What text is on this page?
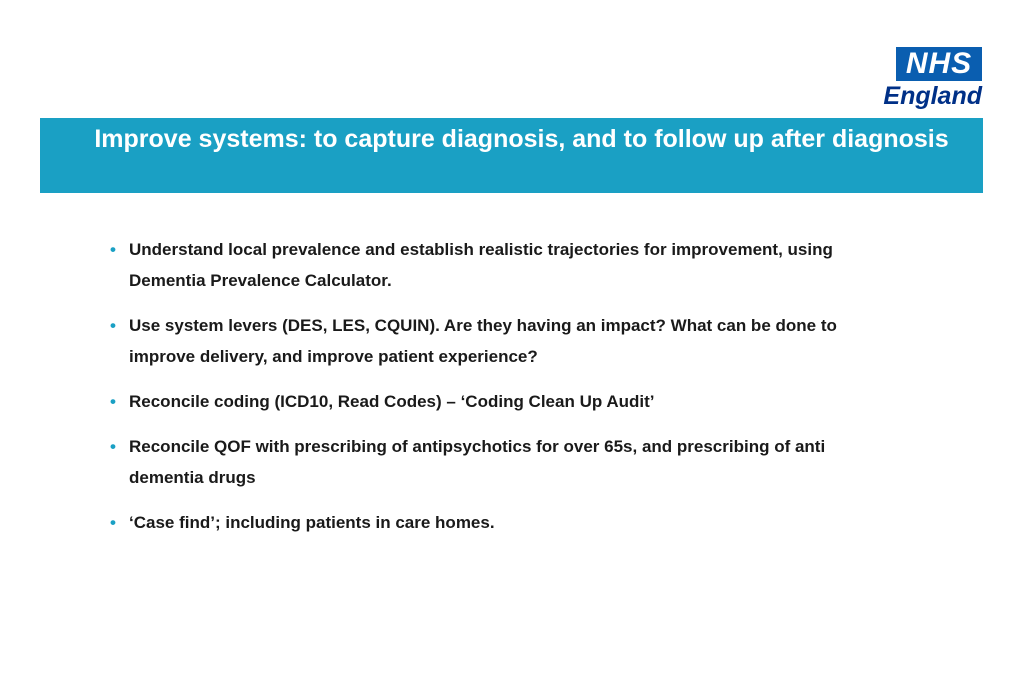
NHS
England
Improve systems: to capture diagnosis, and to follow up after diagnosis
• Understand local prevalence and establish realistic trajectories for improvement, using Dementia Prevalence Calculator.
• Use system levers (DES, LES, CQUIN). Are they having an impact? What can be done to improve delivery, and improve patient experience?
• Reconcile coding (ICD10, Read Codes) – ‘Coding Clean Up Audit’
• Reconcile QOF with prescribing of antipsychotics for over 65s, and prescribing of anti dementia drugs
• ‘Case find’; including patients in care homes.
